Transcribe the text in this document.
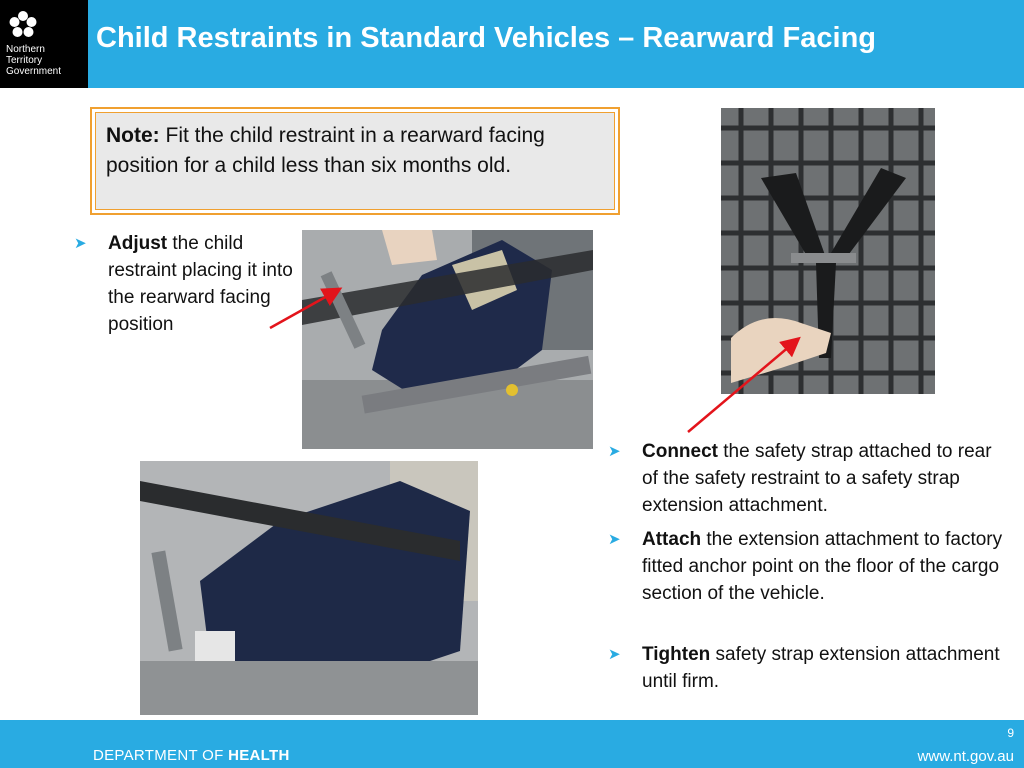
Northern
Territory
Government
Child Restraints in Standard Vehicles – Rearward Facing
Note: Fit the child restraint in a rearward facing position for a child less than six months old.
➤ Adjust the child restraint placing it into the rearward facing position
➤ Connect the safety strap attached to rear of the safety restraint to a safety strap extension attachment.
➤ Attach the extension attachment to factory fitted anchor point on the floor of the cargo section of the vehicle.
➤ Tighten safety strap extension attachment until firm.
9
DEPARTMENT OF HEALTH	www.nt.gov.au
